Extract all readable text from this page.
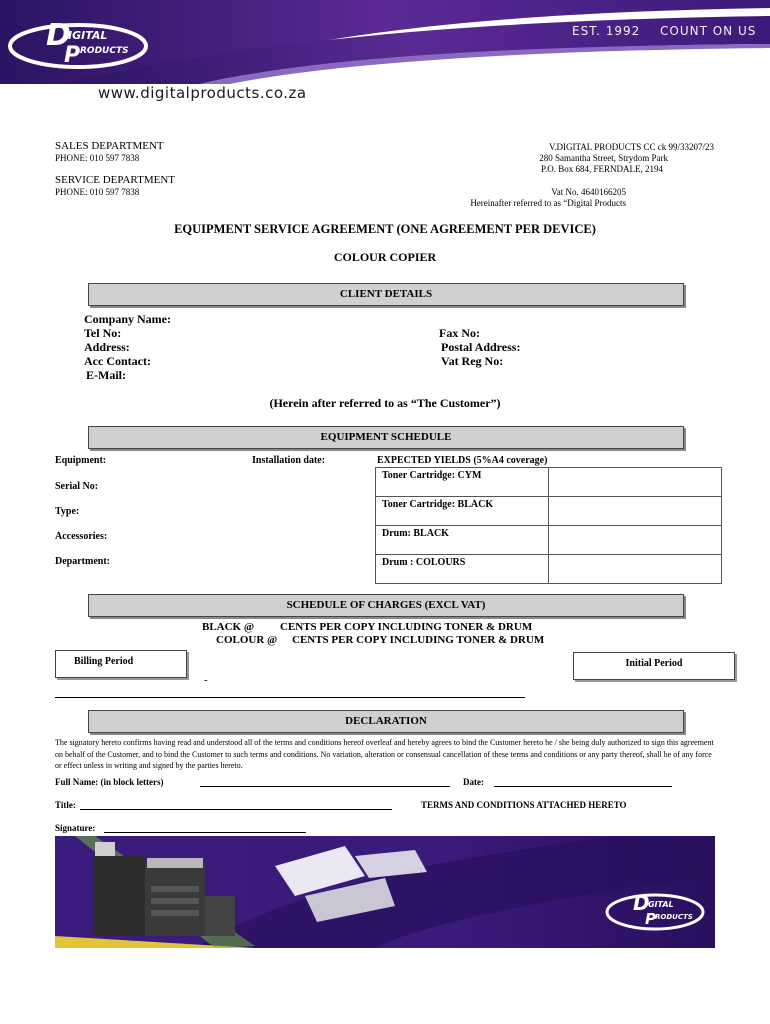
D
P
IGITAL
RODUCTS
EST. 1992 COUNT ON US
www.digitalproducts.co.za
SALES DEPARTMENT
PHONE: 010 597 7838
SERVICE DEPARTMENT
PHONE: 010 597 7838
V.DIGITAL PRODUCTS CC ck 99/33207/23
280 Samantha Street, Strydom Park
P.O. Box 684, FERNDALE, 2194
Vat No. 4640166205
Hereinafter referred to as “Digital Products
EQUIPMENT SERVICE AGREEMENT (ONE AGREEMENT PER DEVICE)
COLOUR COPIER
CLIENT DETAILS
Company Name:
Tel No:
Address:
Acc Contact:
E-Mail:
Fax No:
Postal Address:
Vat Reg No:
(Herein after referred to as “The Customer”)
EQUIPMENT SCHEDULE
Equipment:	Installation date:	EXPECTED YIELDS (5%A4 coverage)
Serial No:
Type:
Accessories:
Department:
Toner Cartridge: CYM	
Toner Cartridge: BLACK	
Drum: BLACK	
Drum : COLOURS	
SCHEDULE OF CHARGES (EXCL VAT)
BLACK @ CENTS PER COPY INCLUDING TONER & DRUM
COLOUR @ CENTS PER COPY INCLUDING TONER & DRUM
Billing Period	Initial Period
-
DECLARATION
The signatory hereto confirms having read and understood all of the terms and conditions hereof overleaf and hereby agrees to bind the Customer hereto he / she being duly authorized to sign this agreement on behalf of the Customer, and to bind the Customer to such terms and conditions. No variation, alteration or consensual cancellation of these terms and conditions or any party thereof, shall be of any force or effect unless in writing and signed by the parties hereto.
Full Name: (in block letters)	Date:
Title:	TERMS AND CONDITIONS ATTACHED HERETO
Signature:
D
P
IGITAL
RODUCTS
